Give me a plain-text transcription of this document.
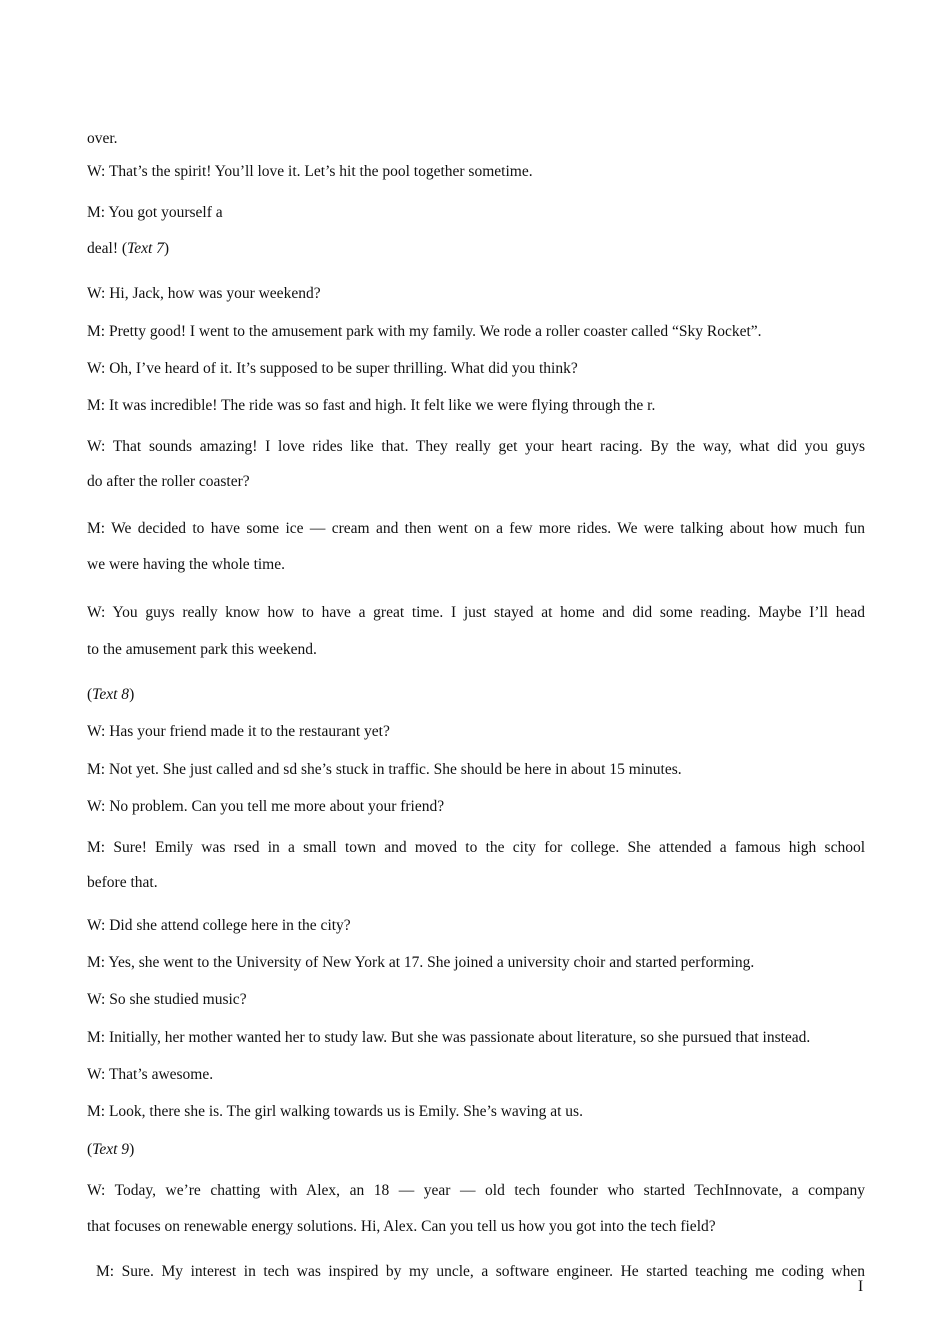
over.
W: That’s the spirit! You’ll love it. Let’s hit the pool together sometime.
M: You got yourself a
deal! (Text 7)
W: Hi, Jack, how was your weekend?
M: Pretty good! I went to the amusement park with my family. We rode a roller coaster called “Sky Rocket”.
W: Oh, I’ve heard of it. It’s supposed to be super thrilling. What did you think?
M: It was incredible! The ride was so fast and high. It felt like we were flying through the r.
W: That sounds amazing! I love rides like that. They really get your heart racing. By the way, what did you guys
do after the roller coaster?
M: We decided to have some ice — cream and then went on a few more rides. We were talking about how much fun
we were having the whole time.
W: You guys really know how to have a great time. I just stayed at home and did some reading. Maybe I’ll head
to the amusement park this weekend.
(Text 8)
W: Has your friend made it to the restaurant yet?
M: Not yet. She just called and sd she’s stuck in traffic. She should be here in about 15 minutes.
W: No problem. Can you tell me more about your friend?
M: Sure! Emily was rsed in a small town and moved to the city for college. She attended a famous high school
before that.
W: Did she attend college here in the city?
M: Yes, she went to the University of New York at 17. She joined a university choir and started performing.
W: So she studied music?
M: Initially, her mother wanted her to study law. But she was passionate about literature, so she pursued that instead.
W: That’s awesome.
M: Look, there she is. The girl walking towards us is Emily. She’s waving at us.
(Text 9)
W: Today, we’re chatting with Alex, an 18 — year — old tech founder who started TechInnovate, a company
that focuses on renewable energy solutions. Hi, Alex. Can you tell us how you got into the tech field?
M: Sure. My interest in tech was inspired by my uncle, a software engineer. He started teaching me coding when
I
